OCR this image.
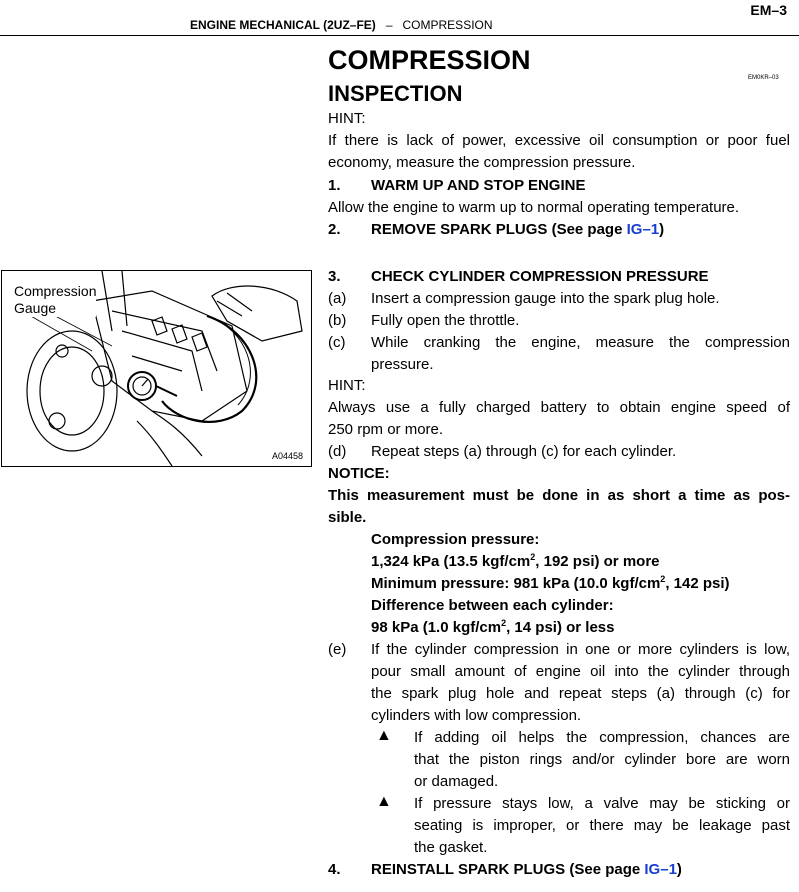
ENGINE MECHANICAL (2UZ–FE) – COMPRESSION
EM–3
COMPRESSION
INSPECTION
EM0KR–03
HINT:
If there is lack of power, excessive oil consumption or poor fuel
economy, measure the compression pressure.
1. WARM UP AND STOP ENGINE
Allow the engine to warm up to normal operating temperature.
2. REMOVE SPARK PLUGS (See page IG–1)
Compression
Gauge
A04458
3. CHECK CYLINDER COMPRESSION PRESSURE
(a) Insert a compression gauge into the spark plug hole.
(b) Fully open the throttle.
(c) While cranking the engine, measure the compression
pressure.
HINT:
Always use a fully charged battery to obtain engine speed of
250 rpm or more.
(d) Repeat steps (a) through (c) for each cylinder.
NOTICE:
This measurement must be done in as short a time as pos-
sible.
Compression pressure:
1,324 kPa (13.5 kgf/$cm^2$, 192 psi) or more
Minimum pressure: 981 kPa (10.0 kgf/$cm^2$, 142 psi)
Difference between each cylinder:
98 kPa (1.0 kgf/$cm^2$, 14 psi) or less
(e) If the cylinder compression in one or more cylinders is low,
pour small amount of engine oil into the cylinder through
the spark plug hole and repeat steps (a) through (c) for
cylinders with low compression.
▲ If adding oil helps the compression, chances are
that the piston rings and/or cylinder bore are worn
or damaged.
▲ If pressure stays low, a valve may be sticking or
seating is improper, or there may be leakage past
the gasket.
4. REINSTALL SPARK PLUGS (See page IG–1)
